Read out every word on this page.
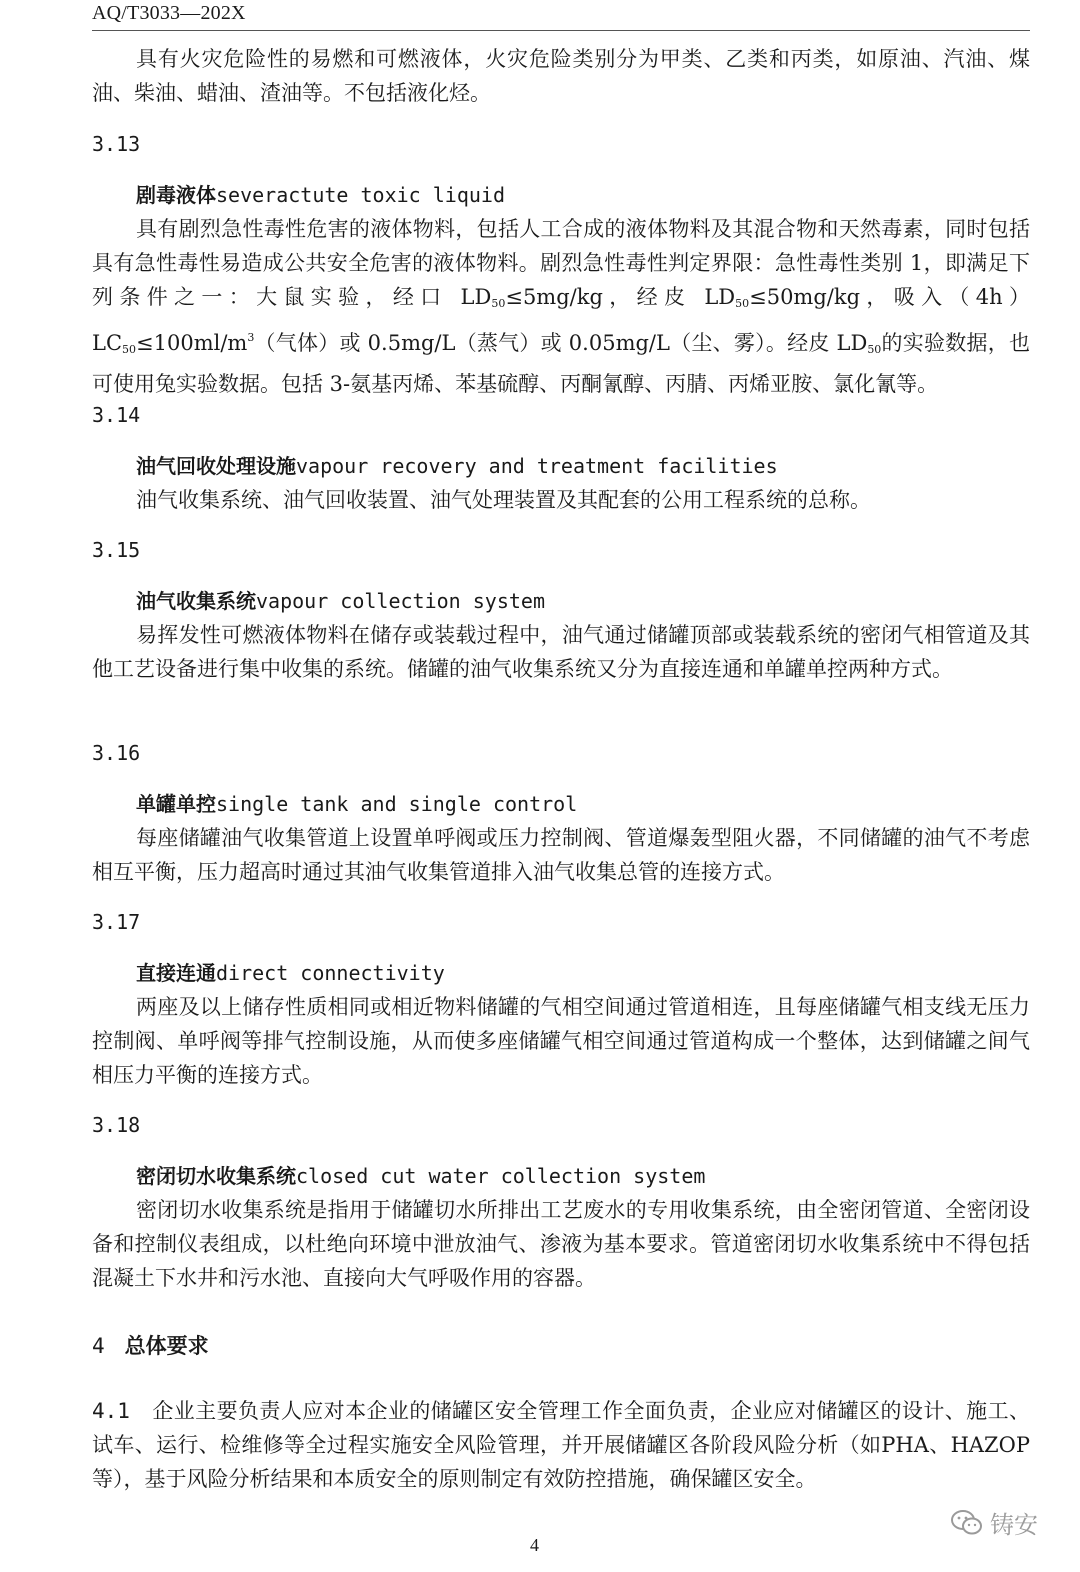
AQ/T3033—202X

具有火灾危险性的易燃和可燃液体，火灾危险类别分为甲类、乙类和丙类，如原油、汽油、煤油、柴油、蜡油、渣油等。不包括液化烃。

3.13
剧毒液体severactute toxic liquid

具有剧烈急性毒性危害的液体物料，包括人工合成的液体物料及其混合物和天然毒素，同时包括具有急性毒性易造成公共安全危害的液体物料。剧烈急性毒性判定界限：急性毒性类别 1，即满足下列条件之一：大鼠实验，经口 $LD_{50}\le 5mg/kg$，经皮 $LD_{50}\le 50mg/kg$，吸入$(4h)LC_{50}\le 100ml/m^3$（气体）或 0.5mg/L（蒸气）或 0.05mg/L（尘、雾）。经皮 $LD_{50}$的实验数据，也可使用兔实验数据。包括 3-氨基丙烯、苯基硫醇、丙酮氰醇、丙腈、丙烯亚胺、氯化氰等。

3.14
油气回收处理设施vapour recovery and treatment facilities

油气收集系统、油气回收装置、油气处理装置及其配套的公用工程系统的总称。

3.15
油气收集系统vapour collection system

易挥发性可燃液体物料在储存或装载过程中，油气通过储罐顶部或装载系统的密闭气相管道及其他工艺设备进行集中收集的系统。储罐的油气收集系统又分为直接连通和单罐单控两种方式。

3.16
单罐单控single tank and single control

每座储罐油气收集管道上设置单呼阀或压力控制阀、管道爆轰型阻火器，不同储罐的油气不考虑相互平衡，压力超高时通过其油气收集管道排入油气收集总管的连接方式。

3.17
直接连通direct connectivity

两座及以上储存性质相同或相近物料储罐的气相空间通过管道相连，且每座储罐气相支线无压力控制阀、单呼阀等排气控制设施，从而使多座储罐气相空间通过管道构成一个整体，达到储罐之间气相压力平衡的连接方式。

3.18
密闭切水收集系统closed cut water collection system

密闭切水收集系统是指用于储罐切水所排出工艺废水的专用收集系统，由全密闭管道、全密闭设备和控制仪表组成，以杜绝向环境中泄放油气、渗液为基本要求。管道密闭切水收集系统中不得包括混凝土下水井和污水池、直接向大气呼吸作用的容器。

4 总体要求

4.1 企业主要负责人应对本企业的储罐区安全管理工作全面负责，企业应对储罐区的设计、施工、试车、运行、检维修等全过程实施安全风险管理，并开展储罐区各阶段风险分析（如PHA、HAZOP等），基于风险分析结果和本质安全的原则制定有效防控措施，确保罐区安全。

铸安
4
